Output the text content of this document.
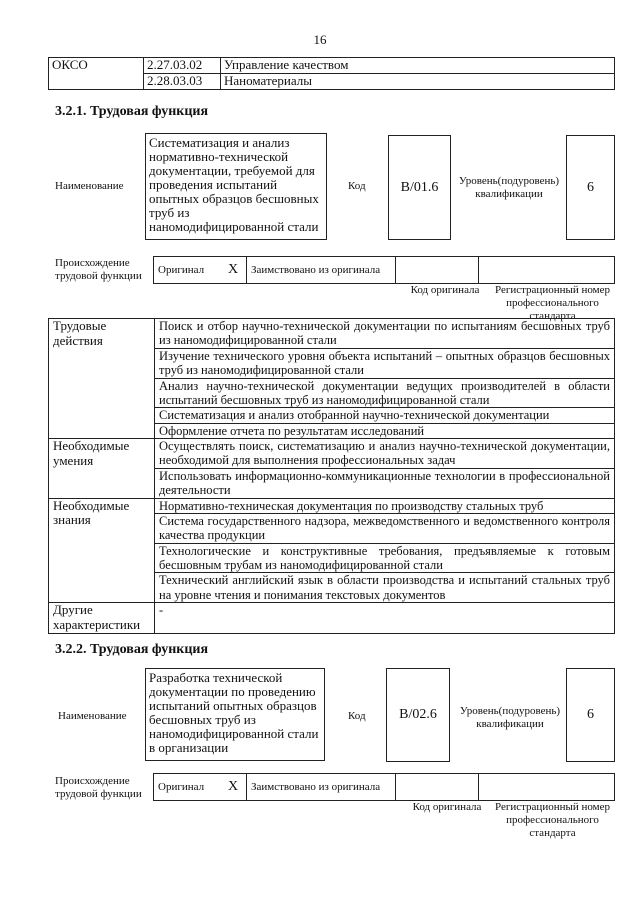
16
ОКСО	2.27.03.02	Управление качеством
	2.28.03.03	Наноматериалы
3.2.1. Трудовая функция
Наименование
Систематизация и анализ нормативно-технической документации, требуемой для проведения испытаний опытных образцов бесшовных труб из наномодифицированной стали
Код	В/01.6	Уровень(подуровень) квалификации	6
Происхождение трудовой функции
Оригинал	X	Заимствовано из оригинала		
Код оригинала	Регистрационный номер профессионального стандарта
Трудовые действия	Поиск и отбор научно-технической документации по испытаниям бесшовных труб из наномодифицированной стали
	Изучение технического уровня объекта испытаний – опытных образцов бесшовных труб из наномодифицированной стали
	Анализ научно-технической документации ведущих производителей в области испытаний бесшовных труб из наномодифицированной стали
	Систематизация и анализ отобранной научно-технической документации
	Оформление отчета по результатам исследований
Необходимые умения	Осуществлять поиск, систематизацию и анализ научно-технической документации, необходимой для выполнения профессиональных задач
	Использовать информационно-коммуникационные технологии в профессиональной деятельности
Необходимые знания	Нормативно-техническая документация по производству стальных труб
	Система государственного надзора, межведомственного и ведомственного контроля качества продукции
	Технологические и конструктивные требования, предъявляемые к готовым бесшовным трубам из наномодифицированной стали
	Технический английский язык в области производства и испытаний стальных труб на уровне чтения и понимания текстовых документов
Другие характеристики	-
3.2.2. Трудовая функция
Наименование
Разработка технической документации по проведению испытаний опытных образцов бесшовных труб из наномодифицированной стали в организации
Код	В/02.6	Уровень(подуровень) квалификации
6
Происхождение трудовой функции
Оригинал	X	Заимствовано из оригинала		
Код оригинала	Регистрационный номер профессионального стандарта
